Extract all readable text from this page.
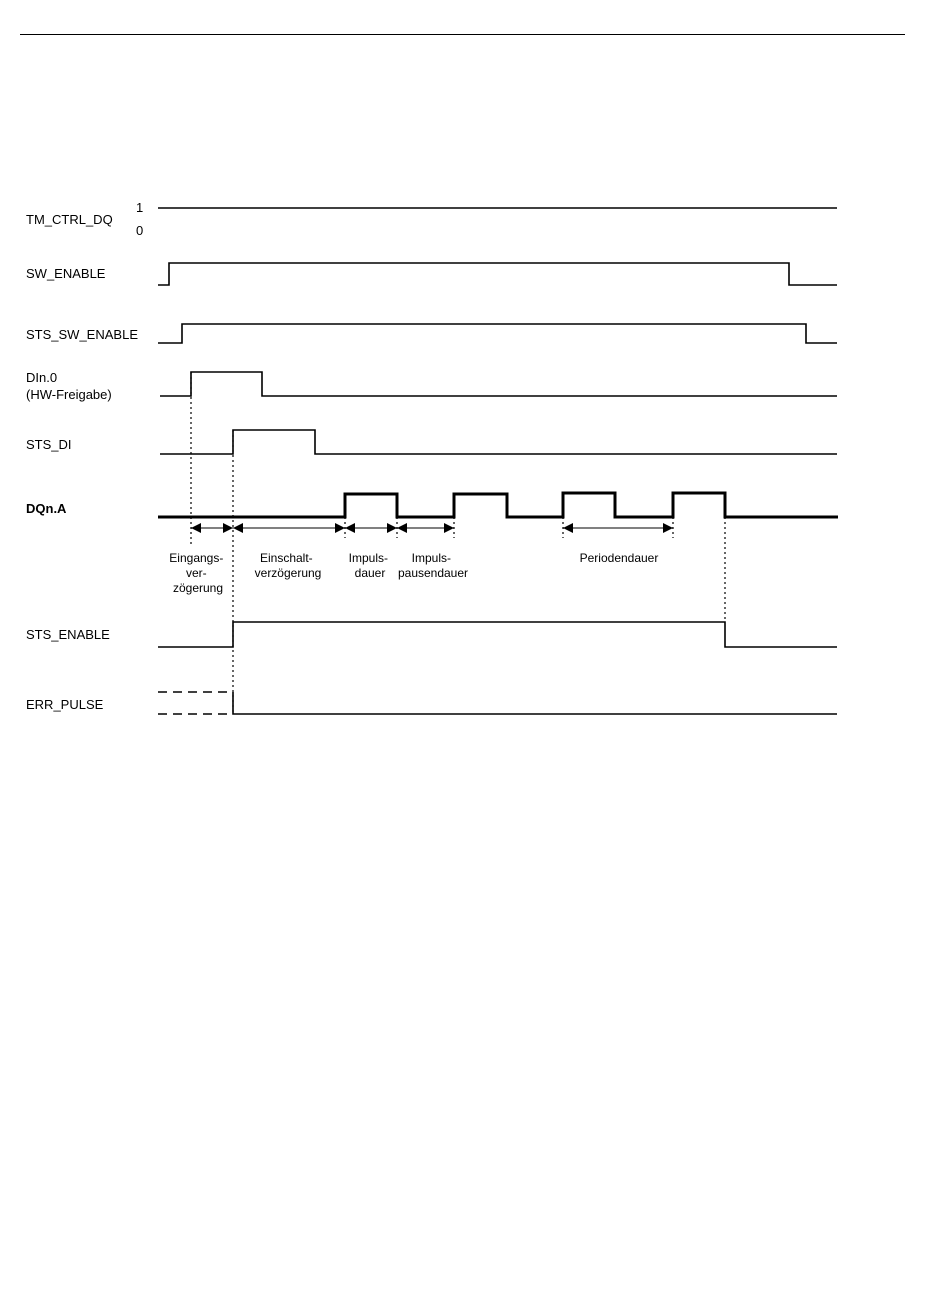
TM_CTRL_DQ
1
0
SW_ENABLE
STS_SW_ENABLE
DIn.0
(HW-Freigabe)
STS_DI
DQn.A
STS_ENABLE
ERR_PULSE
Eingangs- ver- zögerung
Einschalt- verzögerung
Impuls- dauer
Impuls- pausendauer
Periodendauer
